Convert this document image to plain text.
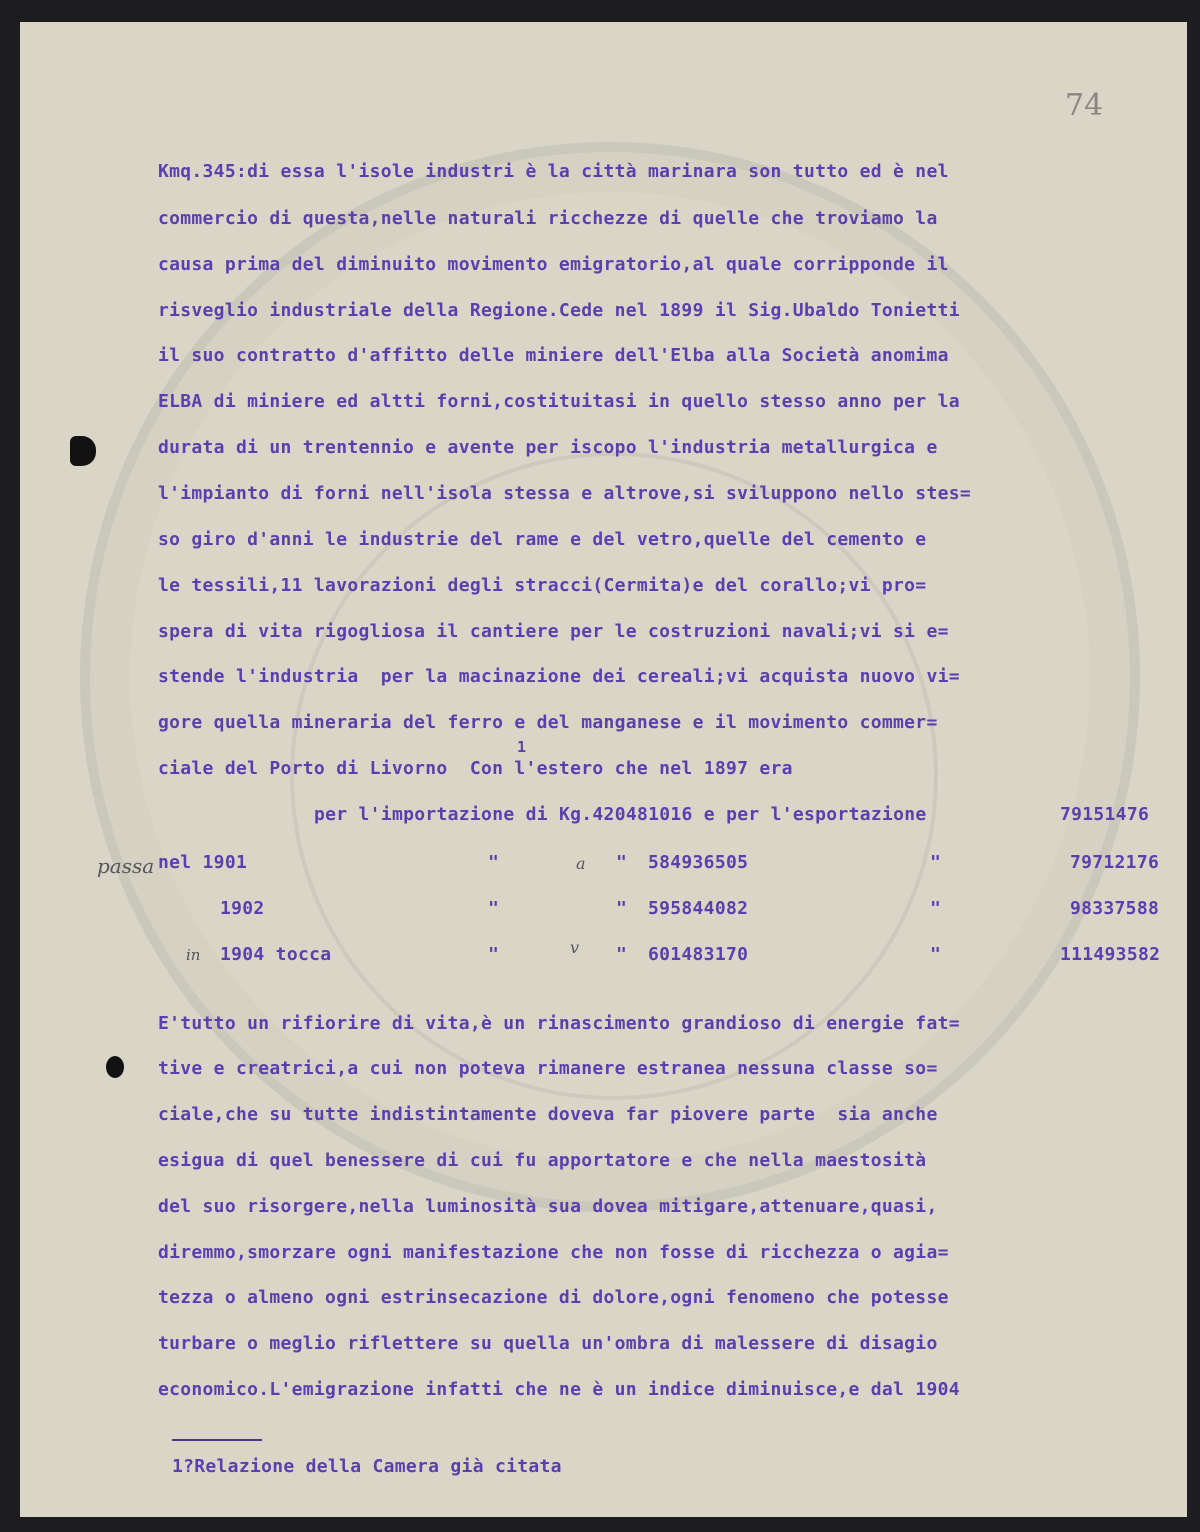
74
Kmq.345:di essa l'isole industri è la città marinara son tutto ed è nel
commercio di questa,nelle naturali ricchezze di quelle che troviamo la
causa prima del diminuito movimento emigratorio,al quale corripponde il
risveglio industriale della Regione.Cede nel 1899 il Sig.Ubaldo Tonietti
il suo contratto d'affitto delle miniere dell'Elba alla Società anomima
ELBA di miniere ed altti forni,costituitasi in quello stesso anno per la
durata di un trentennio e avente per iscopo l'industria metallurgica e
l'impianto di forni nell'isola stessa e altrove,si sviluppono nello stes=
so giro d'anni le industrie del rame e del vetro,quelle del cemento e
le tessili,11 lavorazioni degli stracci(Cermita)e del corallo;vi pro=
spera di vita rigogliosa il cantiere per le costruzioni navali;vi si e=
stende l'industria  per la macinazione dei cereali;vi acquista nuovo vi=
gore quella mineraria del ferro e del manganese e il movimento commer=
ciale del Porto di Livorno  Con l'estero che nel 1897 era
1
per l'importazione di Kg.420481016 e per l'esportazione	79151476
passa nel 1901	"	a " 584936505	"	79712176
1902	"	" 595844082	"	98337588
in 1904 tocca	"	v " 601483170	"	111493582
E'tutto un rifiorire di vita,è un rinascimento grandioso di energie fat=
tive e creatrici,a cui non poteva rimanere estranea nessuna classe so=
ciale,che su tutte indistintamente doveva far piovere parte  sia anche
esigua di quel benessere di cui fu apportatore e che nella maestosità
del suo risorgere,nella luminosità sua dovea mitigare,attenuare,quasi,
diremmo,smorzare ogni manifestazione che non fosse di ricchezza o agia=
tezza o almeno ogni estrinsecazione di dolore,ogni fenomeno che potesse
turbare o meglio riflettere su quella un'ombra di malessere di disagio
economico.L'emigrazione infatti che ne è un indice diminuisce,e dal 1904
1?Relazione della Camera già citata
